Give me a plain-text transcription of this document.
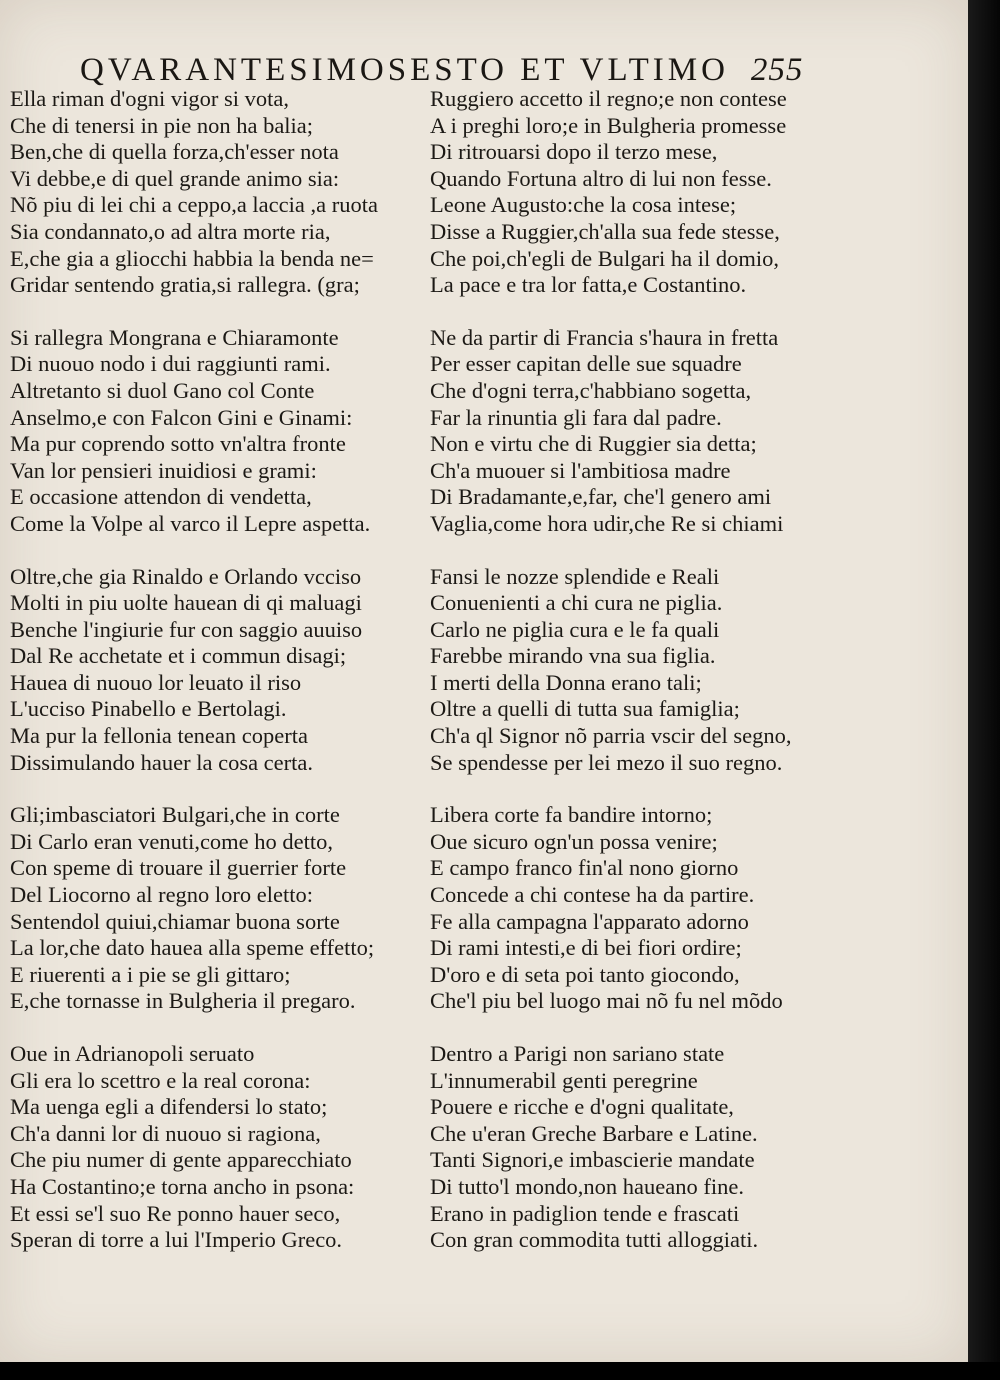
QVARANTESIMOSESTO ET VLTIMO 255
Ella riman d'ogni vigor si vota,
Che di tenersi in pie non ha balia;
Ben,che di quella forza,ch'esser nota
Vi debbe,e di quel grande animo sia:
Nõ piu di lei chi a ceppo,a laccia ,a ruota
Sia condannato,o ad altra morte ria,
E,che gia a gliocchi habbia la benda ne=
Gridar sentendo gratia,si rallegra. (gra;
Si rallegra Mongrana e Chiaramonte
Di nuouo nodo i dui raggiunti rami.
Altretanto si duol Gano col Conte
Anselmo,e con Falcon Gini e Ginami:
Ma pur coprendo sotto vn'altra fronte
Van lor pensieri inuidiosi e grami:
E occasione attendon di vendetta,
Come la Volpe al varco il Lepre aspetta.
Oltre,che gia Rinaldo e Orlando vcciso
Molti in piu uolte hauean di qi maluagi
Benche l'ingiurie fur con saggio auuiso
Dal Re acchetate et i commun disagi;
Hauea di nuouo lor leuato il riso
L'ucciso Pinabello e Bertolagi.
Ma pur la fellonia tenean coperta
Dissimulando hauer la cosa certa.
Gli;imbasciatori Bulgari,che in corte
Di Carlo eran venuti,come ho detto,
Con speme di trouare il guerrier forte
Del Liocorno al regno loro eletto:
Sentendol quiui,chiamar buona sorte
La lor,che dato hauea alla speme effetto;
E riuerenti a i pie se gli gittaro;
E,che tornasse in Bulgheria il pregaro.
Oue in Adrianopoli seruato
Gli era lo scettro e la real corona:
Ma uenga egli a difendersi lo stato;
Ch'a danni lor di nuouo si ragiona,
Che piu numer di gente apparecchiato
Ha Costantino;e torna ancho in psona:
Et essi se'l suo Re ponno hauer seco,
Speran di torre a lui l'Imperio Greco.
Ruggiero accetto il regno;e non contese
A i preghi loro;e in Bulgheria promesse
Di ritrouarsi dopo il terzo mese,
Quando Fortuna altro di lui non fesse.
Leone Augusto:che la cosa intese;
Disse a Ruggier,ch'alla sua fede stesse,
Che poi,ch'egli de Bulgari ha il domio,
La pace e tra lor fatta,e Costantino.
Ne da partir di Francia s'haura in fretta
Per esser capitan delle sue squadre
Che d'ogni terra,c'habbiano sogetta,
Far la rinuntia gli fara dal padre.
Non e virtu che di Ruggier sia detta;
Ch'a muouer si l'ambitiosa madre
Di Bradamante,e,far, che'l genero ami
Vaglia,come hora udir,che Re si chiami
Fansi le nozze splendide e Reali
Conuenienti a chi cura ne piglia.
Carlo ne piglia cura e le fa quali
Farebbe mirando vna sua figlia.
I merti della Donna erano tali;
Oltre a quelli di tutta sua famiglia;
Ch'a ql Signor nõ parria vscir del segno,
Se spendesse per lei mezo il suo regno.
Libera corte fa bandire intorno;
Oue sicuro ogn'un possa venire;
E campo franco fin'al nono giorno
Concede a chi contese ha da partire.
Fe alla campagna l'apparato adorno
Di rami intesti,e di bei fiori ordire;
D'oro e di seta poi tanto giocondo,
Che'l piu bel luogo mai nõ fu nel mõdo
Dentro a Parigi non sariano state
L'innumerabil genti peregrine
Pouere e ricche e d'ogni qualitate,
Che u'eran Greche Barbare e Latine.
Tanti Signori,e imbascierie mandate
Di tutto'l mondo,non haueano fine.
Erano in padiglion tende e frascati
Con gran commodita tutti alloggiati.
